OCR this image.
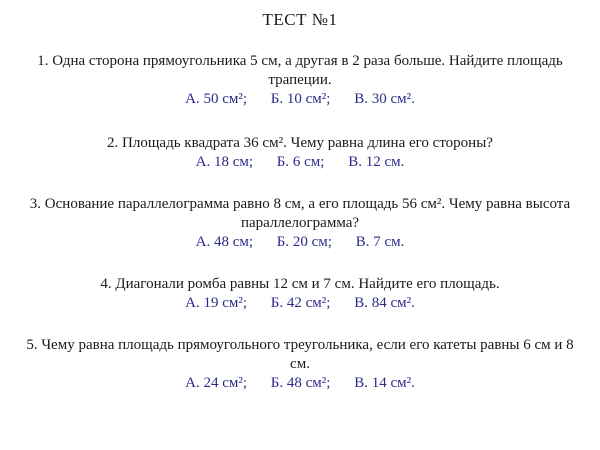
ТЕСТ №1
1. Одна сторона прямоугольника 5 см, а другая в 2 раза больше. Найдите площадь трапеции.
А. 50 см²; Б. 10 см²; В. 30 см².
2. Площадь квадрата 36 см². Чему равна длина его стороны?
А. 18 см; Б. 6 см; В. 12 см.
3. Основание параллелограмма равно 8 см, а его площадь 56 см². Чему равна высота параллелограмма?
А. 48 см; Б. 20 см; В. 7 см.
4. Диагонали ромба равны 12 см и 7 см. Найдите его площадь.
А. 19 см²; Б. 42 см²; В. 84 см².
5. Чему равна площадь прямоугольного треугольника, если его катеты равны 6 см и 8 см.
А. 24 см²; Б. 48 см²; В. 14 см².
